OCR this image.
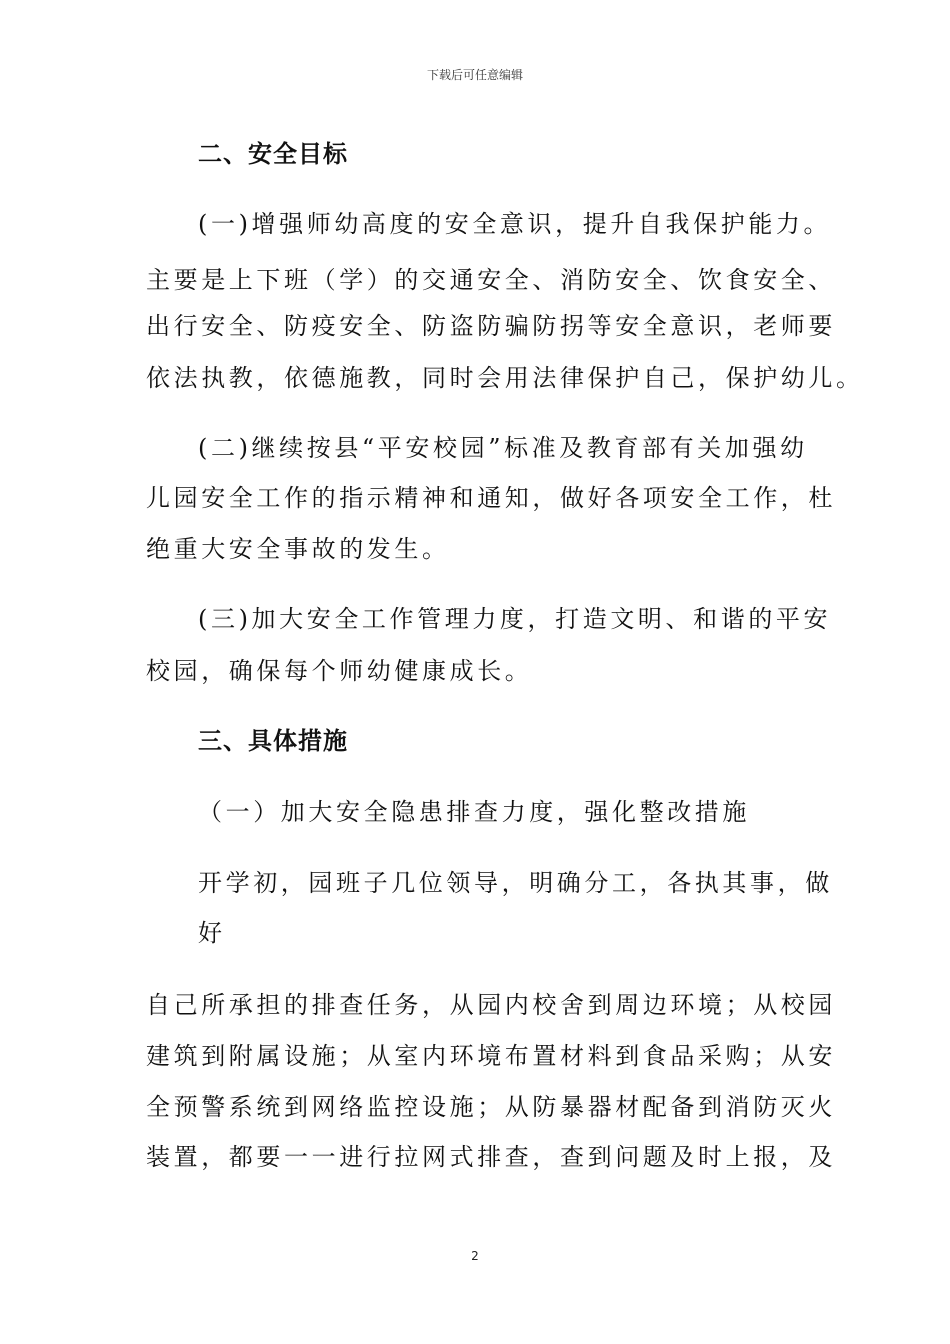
下载后可任意编辑
二、安全目标
(一)增强师幼高度的安全意识，提升自我保护能力。
主要是上下班（学）的交通安全、消防安全、饮食安全、
出行安全、防疫安全、防盗防骗防拐等安全意识，老师要
依法执教，依德施教，同时会用法律保护自己，保护幼儿。
(二)继续按县“平安校园”标准及教育部有关加强幼
儿园安全工作的指示精神和通知，做好各项安全工作，杜
绝重大安全事故的发生。
(三)加大安全工作管理力度，打造文明、和谐的平安
校园，确保每个师幼健康成长。
三、具体措施
（一）加大安全隐患排查力度，强化整改措施
开学初，园班子几位领导，明确分工，各执其事，做
好
自己所承担的排查任务，从园内校舍到周边环境；从校园
建筑到附属设施；从室内环境布置材料到食品采购；从安
全预警系统到网络监控设施；从防暴器材配备到消防灭火
装置，都要一一进行拉网式排查，查到问题及时上报，及
2
